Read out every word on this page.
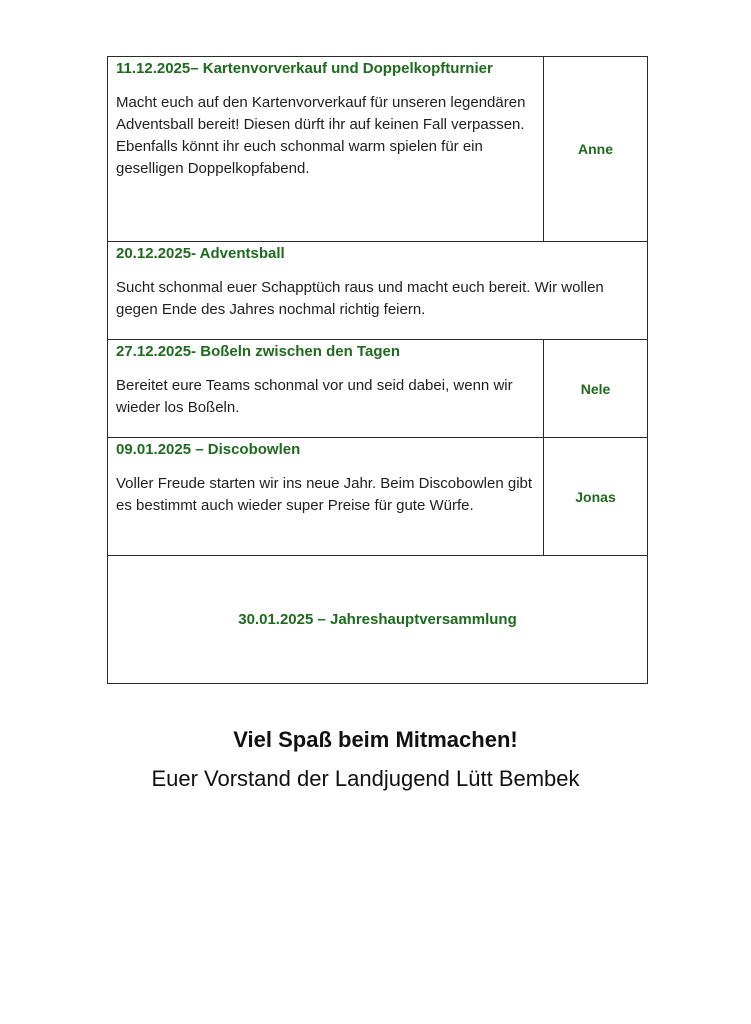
11.12.2025– Kartenvorverkauf und Doppelkopfturnier

Macht euch auf den Kartenvorverkauf für unseren legendären Adventsball bereit! Diesen dürft ihr auf keinen Fall verpassen. Ebenfalls könnt ihr euch schonmal warm spielen für ein geselligen Doppelkopfabend.

Anne

20.12.2025- Adventsball

Sucht schonmal euer Schapptüch raus und macht euch bereit. Wir wollen gegen Ende des Jahres nochmal richtig feiern.

27.12.2025- Boßeln zwischen den Tagen

Bereitet eure Teams schonmal vor und seid dabei, wenn wir wieder los Boßeln.

Nele

09.01.2025 – Discobowlen

Voller Freude starten wir ins neue Jahr. Beim Discobowlen gibt es bestimmt auch wieder super Preise für gute Würfe.

Jonas
30.01.2025 – Jahreshauptversammlung
Viel Spaß beim Mitmachen!
Euer Vorstand der Landjugend Lütt Bembek
